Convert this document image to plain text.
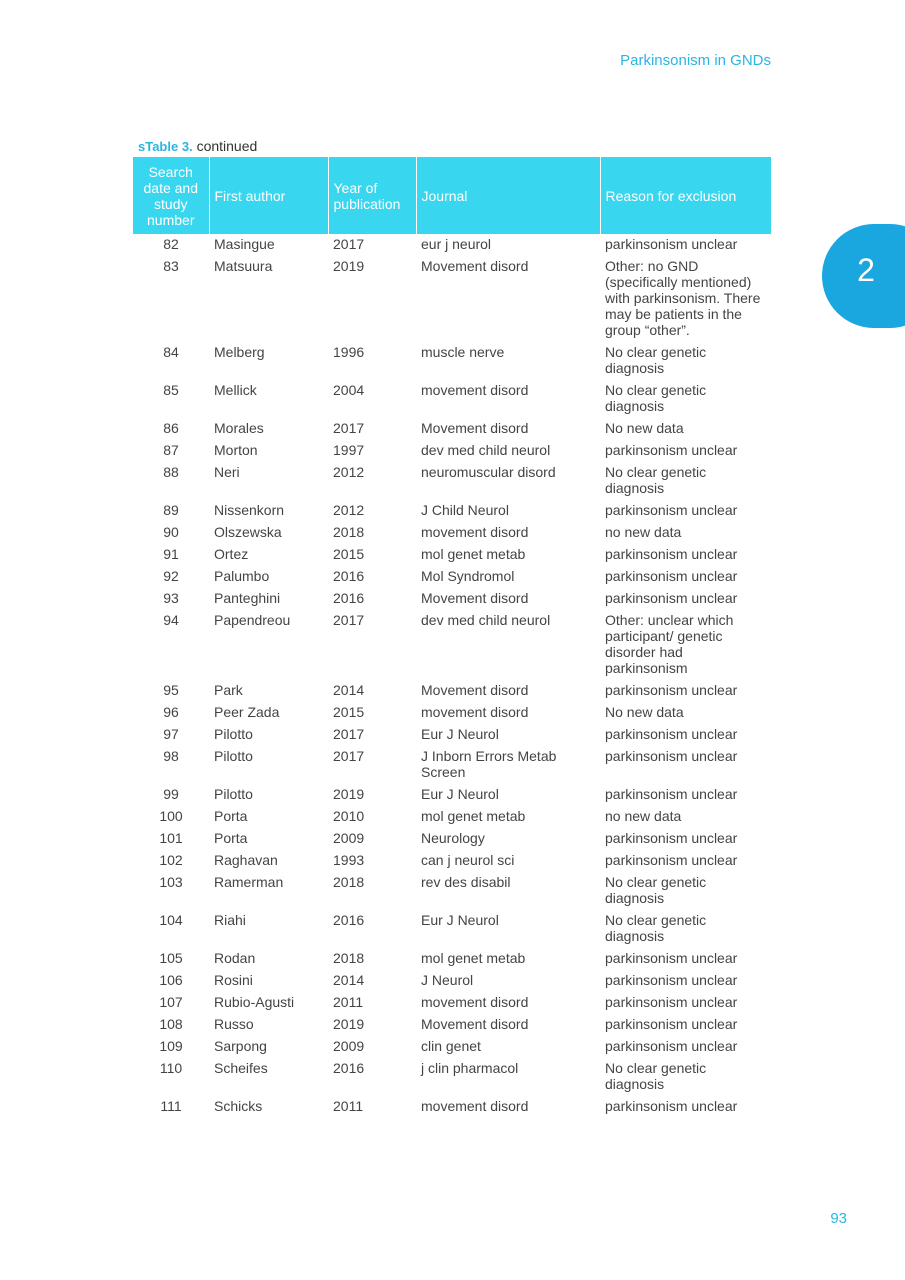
Parkinsonism in GNDs
2
sTable 3. continued
Search date and study number	First author	Year of publication	Journal	Reason for exclusion
82	Masingue	2017	eur j neurol	parkinsonism unclear
83	Matsuura	2019	Movement disord	Other: no GND (specifically mentioned) with parkinsonism. There may be patients in the group “other”.
84	Melberg	1996	muscle nerve	No clear genetic diagnosis
85	Mellick	2004	movement disord	No clear genetic diagnosis
86	Morales	2017	Movement disord	No new data
87	Morton	1997	dev med child neurol	parkinsonism unclear
88	Neri	2012	neuromuscular disord	No clear genetic diagnosis
89	Nissenkorn	2012	J Child Neurol	parkinsonism unclear
90	Olszewska	2018	movement disord	no new data
91	Ortez	2015	mol genet metab	parkinsonism unclear
92	Palumbo	2016	Mol Syndromol	parkinsonism unclear
93	Panteghini	2016	Movement disord	parkinsonism unclear
94	Papendreou	2017	dev med child neurol	Other: unclear which participant/ genetic disorder had parkinsonism
95	Park	2014	Movement disord	parkinsonism unclear
96	Peer Zada	2015	movement disord	No new data
97	Pilotto	2017	Eur J Neurol	parkinsonism unclear
98	Pilotto	2017	J Inborn Errors Metab Screen	parkinsonism unclear
99	Pilotto	2019	Eur J Neurol	parkinsonism unclear
100	Porta	2010	mol genet metab	no new data
101	Porta	2009	Neurology	parkinsonism unclear
102	Raghavan	1993	can j neurol sci	parkinsonism unclear
103	Ramerman	2018	rev des disabil	No clear genetic diagnosis
104	Riahi	2016	Eur J Neurol	No clear genetic diagnosis
105	Rodan	2018	mol genet metab	parkinsonism unclear
106	Rosini	2014	J Neurol	parkinsonism unclear
107	Rubio-Agusti	2011	movement disord	parkinsonism unclear
108	Russo	2019	Movement disord	parkinsonism unclear
109	Sarpong	2009	clin genet	parkinsonism unclear
110	Scheifes	2016	j clin pharmacol	No clear genetic diagnosis
111	Schicks	2011	movement disord	parkinsonism unclear
93
